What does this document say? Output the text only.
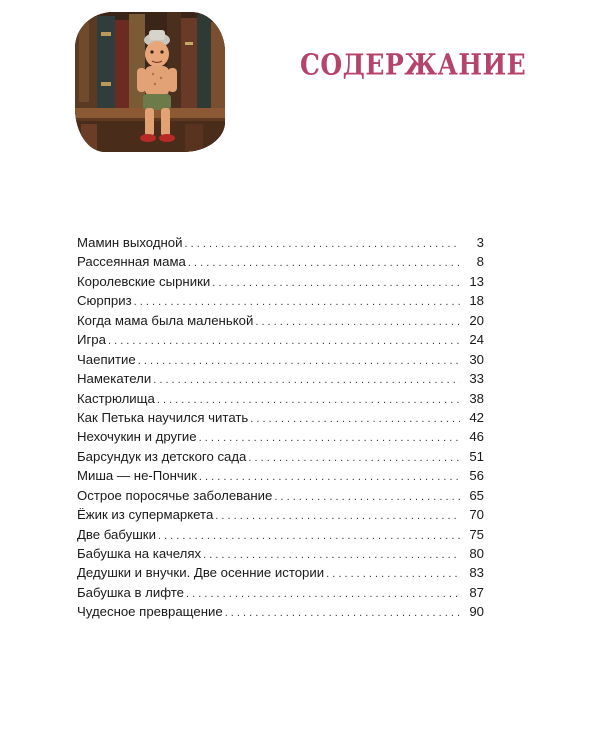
СОДЕРЖАНИЕ
Мамин выходной . . .	3
Рассеянная мама . . .	8
Королевские сырники . . .	13
Сюрприз . . .	18
Когда мама была маленькой . . .	20
Игра . . .	24
Чаепитие . . .	30
Намекатели . . .	33
Кастрюлища . . .	38
Как Петька научился читать . . .	42
Нехочукин и другие . . .	46
Барсундук из детского сада . . .	51
Миша — не-Пончик . . .	56
Острое поросячье заболевание . . .	65
Ёжик из супермаркета . . .	70
Две бабушки . . .	75
Бабушка на качелях . . .	80
Дедушки и внучки. Две осенние истории . . .	83
Бабушка в лифте . . .	87
Чудесное превращение . . .	90
